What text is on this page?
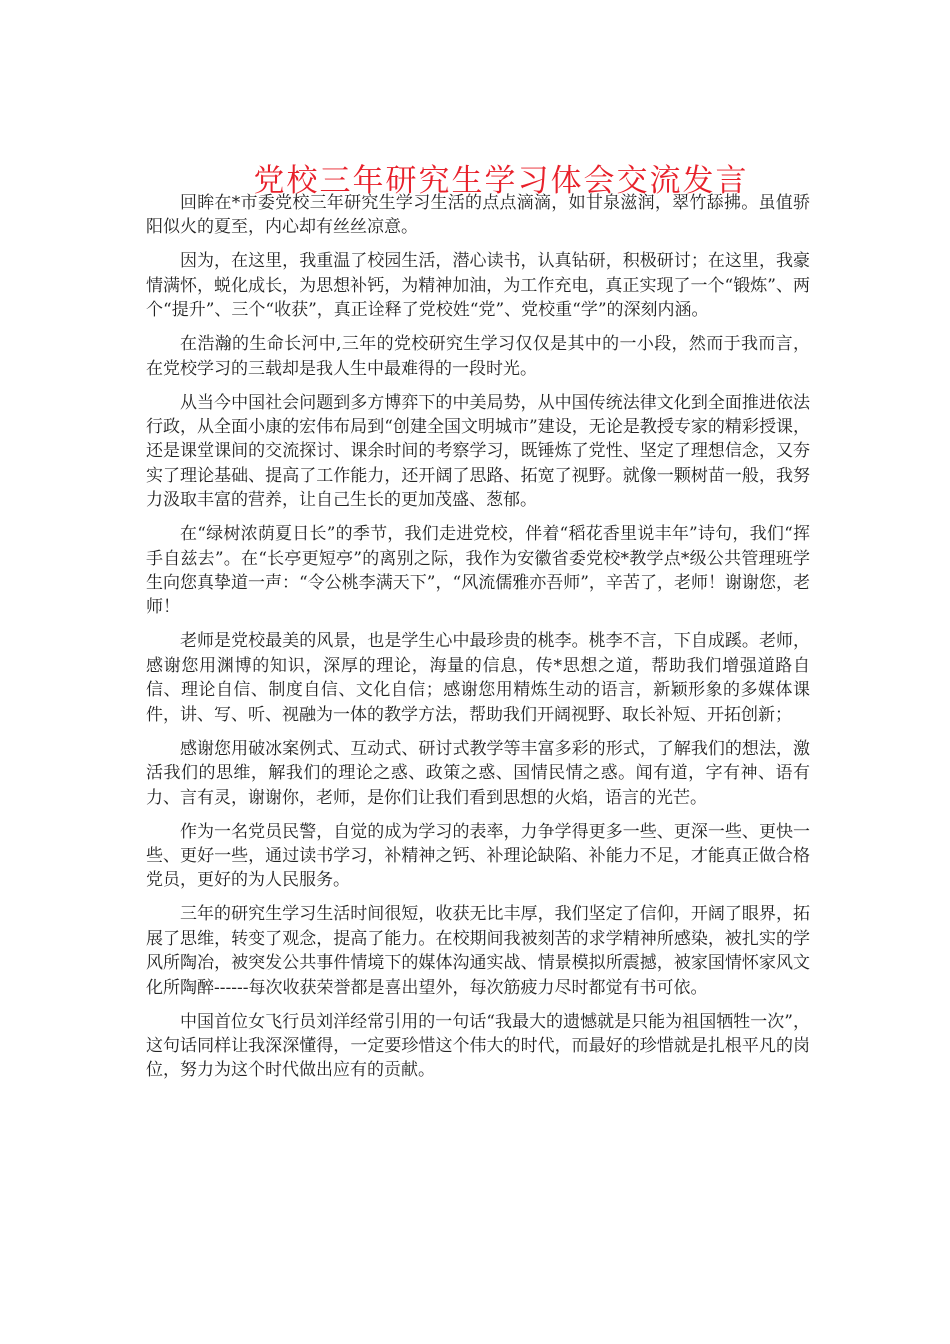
党校三年研究生学习体会交流发言

回眸在*市委党校三年研究生学习生活的点点滴滴，如甘泉滋润，翠竹舔拂。虽值骄阳似火的夏至，内心却有丝丝凉意。

因为，在这里，我重温了校园生活，潜心读书，认真钻研，积极研讨；在这里，我豪情满怀，蜕化成长，为思想补钙，为精神加油，为工作充电，真正实现了一个“锻炼”、两个“提升”、三个“收获”，真正诠释了党校姓“党”、党校重“学”的深刻内涵。

在浩瀚的生命长河中,三年的党校研究生学习仅仅是其中的一小段，然而于我而言，在党校学习的三载却是我人生中最难得的一段时光。

从当今中国社会问题到多方博弈下的中美局势，从中国传统法律文化到全面推进依法行政，从全面小康的宏伟布局到“创建全国文明城市”建设，无论是教授专家的精彩授课，还是课堂课间的交流探讨、课余时间的考察学习，既锤炼了党性、坚定了理想信念，又夯实了理论基础、提高了工作能力，还开阔了思路、拓宽了视野。就像一颗树苗一般，我努力汲取丰富的营养，让自己生长的更加茂盛、葱郁。

在“绿树浓荫夏日长”的季节，我们走进党校，伴着“稻花香里说丰年”诗句，我们“挥手自兹去”。在“长亭更短亭”的离别之际，我作为安徽省委党校*教学点*级公共管理班学生向您真挚道一声：“令公桃李满天下”，“风流儒雅亦吾师”，辛苦了，老师！谢谢您，老师！

老师是党校最美的风景，也是学生心中最珍贵的桃李。桃李不言，下自成蹊。老师，感谢您用渊博的知识，深厚的理论，海量的信息，传*思想之道，帮助我们增强道路自信、理论自信、制度自信、文化自信；感谢您用精炼生动的语言，新颖形象的多媒体课件，讲、写、听、视融为一体的教学方法，帮助我们开阔视野、取长补短、开拓创新；

感谢您用破冰案例式、互动式、研讨式教学等丰富多彩的形式，了解我们的想法，激活我们的思维，解我们的理论之惑、政策之惑、国情民情之惑。闻有道，字有神、语有力、言有灵，谢谢你，老师，是你们让我们看到思想的火焰，语言的光芒。

作为一名党员民警，自觉的成为学习的表率，力争学得更多一些、更深一些、更快一些、更好一些，通过读书学习，补精神之钙、补理论缺陷、补能力不足，才能真正做合格党员，更好的为人民服务。

三年的研究生学习生活时间很短，收获无比丰厚，我们坚定了信仰，开阔了眼界，拓展了思维，转变了观念，提高了能力。在校期间我被刻苦的求学精神所感染，被扎实的学风所陶冶，被突发公共事件情境下的媒体沟通实战、情景模拟所震撼，被家国情怀家风文化所陶醉------每次收获荣誉都是喜出望外，每次筋疲力尽时都觉有书可依。

中国首位女飞行员刘洋经常引用的一句话“我最大的遗憾就是只能为祖国牺牲一次”，这句话同样让我深深懂得，一定要珍惜这个伟大的时代，而最好的珍惜就是扎根平凡的岗位，努力为这个时代做出应有的贡献。
